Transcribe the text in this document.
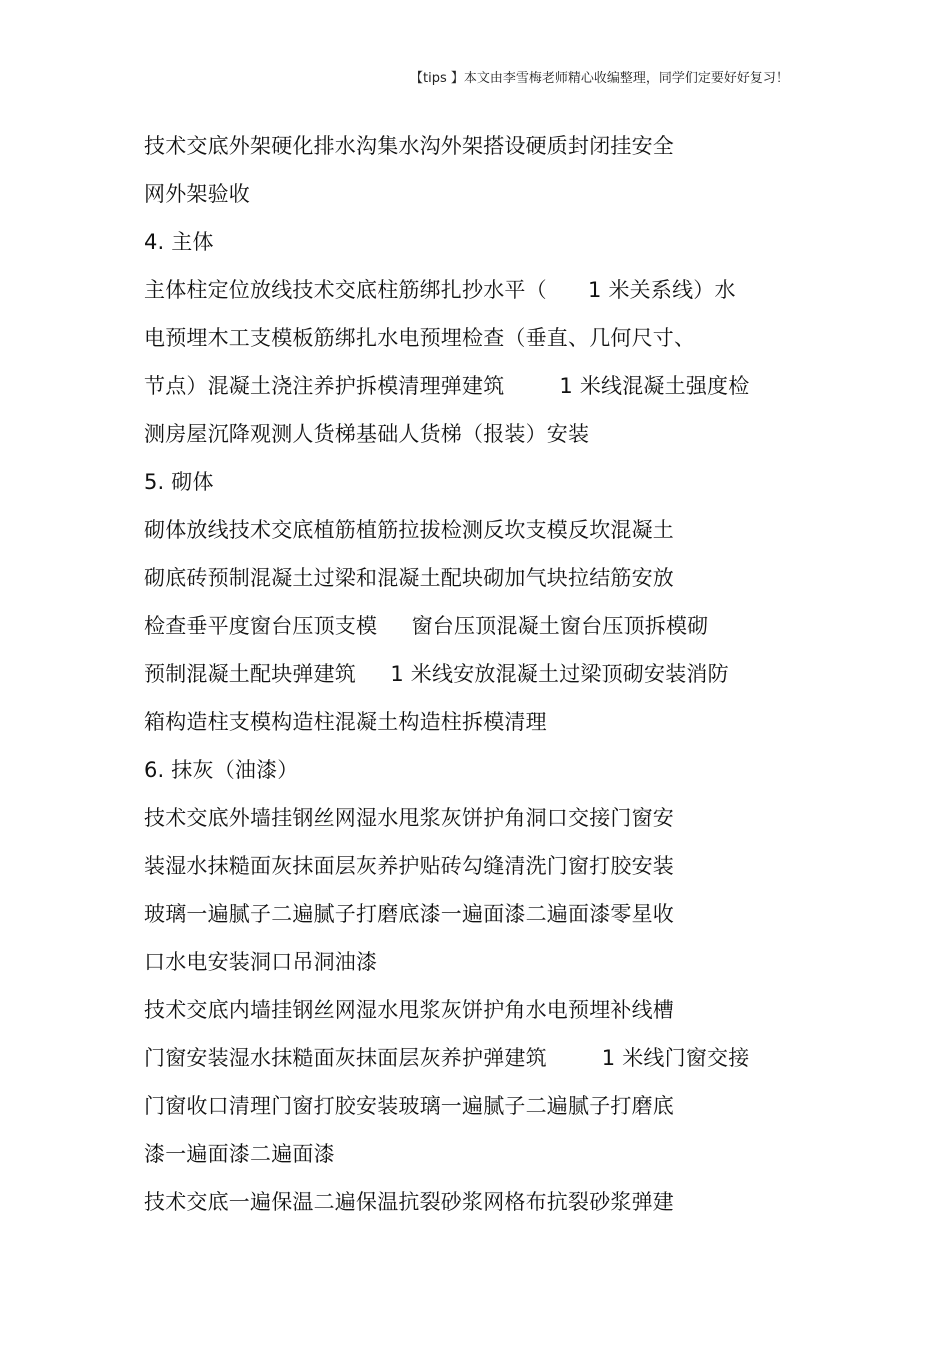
【tips 】本文由李雪梅老师精心收编整理，同学们定要好好复习！
技术交底外架硬化排水沟集水沟外架搭设硬质封闭挂安全
网外架验收
4. 主体
主体柱定位放线技术交底柱筋绑扎抄水平（      1 米关系线）水
电预埋木工支模板筋绑扎水电预埋检查（垂直、几何尺寸、
节点）混凝土浇注养护拆模清理弹建筑        1 米线混凝土强度检
测房屋沉降观测人货梯基础人货梯（报装）安装
5. 砌体
砌体放线技术交底植筋植筋拉拔检测反坎支模反坎混凝土
砌底砖预制混凝土过梁和混凝土配块砌加气块拉结筋安放
检查垂平度窗台压顶支模     窗台压顶混凝土窗台压顶拆模砌
预制混凝土配块弹建筑     1 米线安放混凝土过梁顶砌安装消防
箱构造柱支模构造柱混凝土构造柱拆模清理
6. 抹灰（油漆）
技术交底外墙挂钢丝网湿水甩浆灰饼护角洞口交接门窗安
装湿水抹糙面灰抹面层灰养护贴砖勾缝清洗门窗打胶安装
玻璃一遍腻子二遍腻子打磨底漆一遍面漆二遍面漆零星收
口水电安装洞口吊洞油漆
技术交底内墙挂钢丝网湿水甩浆灰饼护角水电预埋补线槽
门窗安装湿水抹糙面灰抹面层灰养护弹建筑        1 米线门窗交接
门窗收口清理门窗打胶安装玻璃一遍腻子二遍腻子打磨底
漆一遍面漆二遍面漆
技术交底一遍保温二遍保温抗裂砂浆网格布抗裂砂浆弹建
